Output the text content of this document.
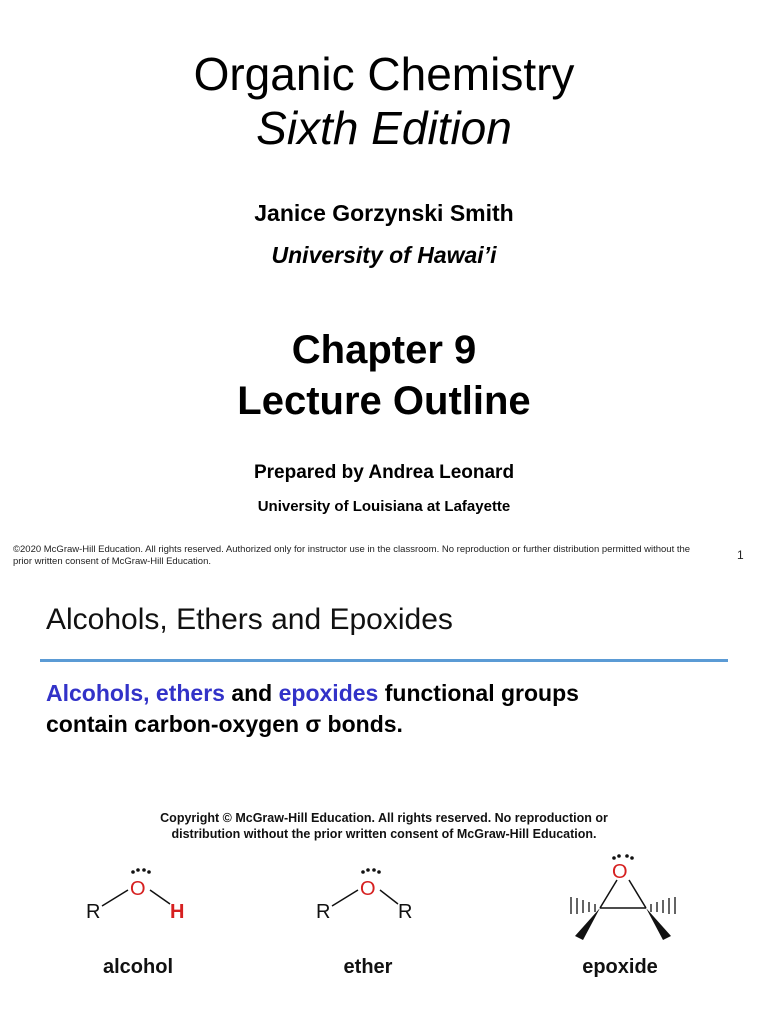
Organic Chemistry
Sixth Edition
Janice Gorzynski Smith
University of Hawai’i
Chapter 9
Lecture Outline
Prepared by Andrea Leonard
University of Louisiana at Lafayette
©2020 McGraw-Hill Education. All rights reserved. Authorized only for instructor use in the classroom. No reproduction or further distribution permitted without the prior written consent of McGraw-Hill Education.	1
Alcohols, Ethers and Epoxides
Alcohols, ethers and epoxides functional groups
contain carbon-oxygen σ bonds.
Copyright © McGraw-Hill Education. All rights reserved. No reproduction or
distribution without the prior written consent of McGraw-Hill Education.
R
O
H
alcohol
R
O
R
ether
O
epoxide
